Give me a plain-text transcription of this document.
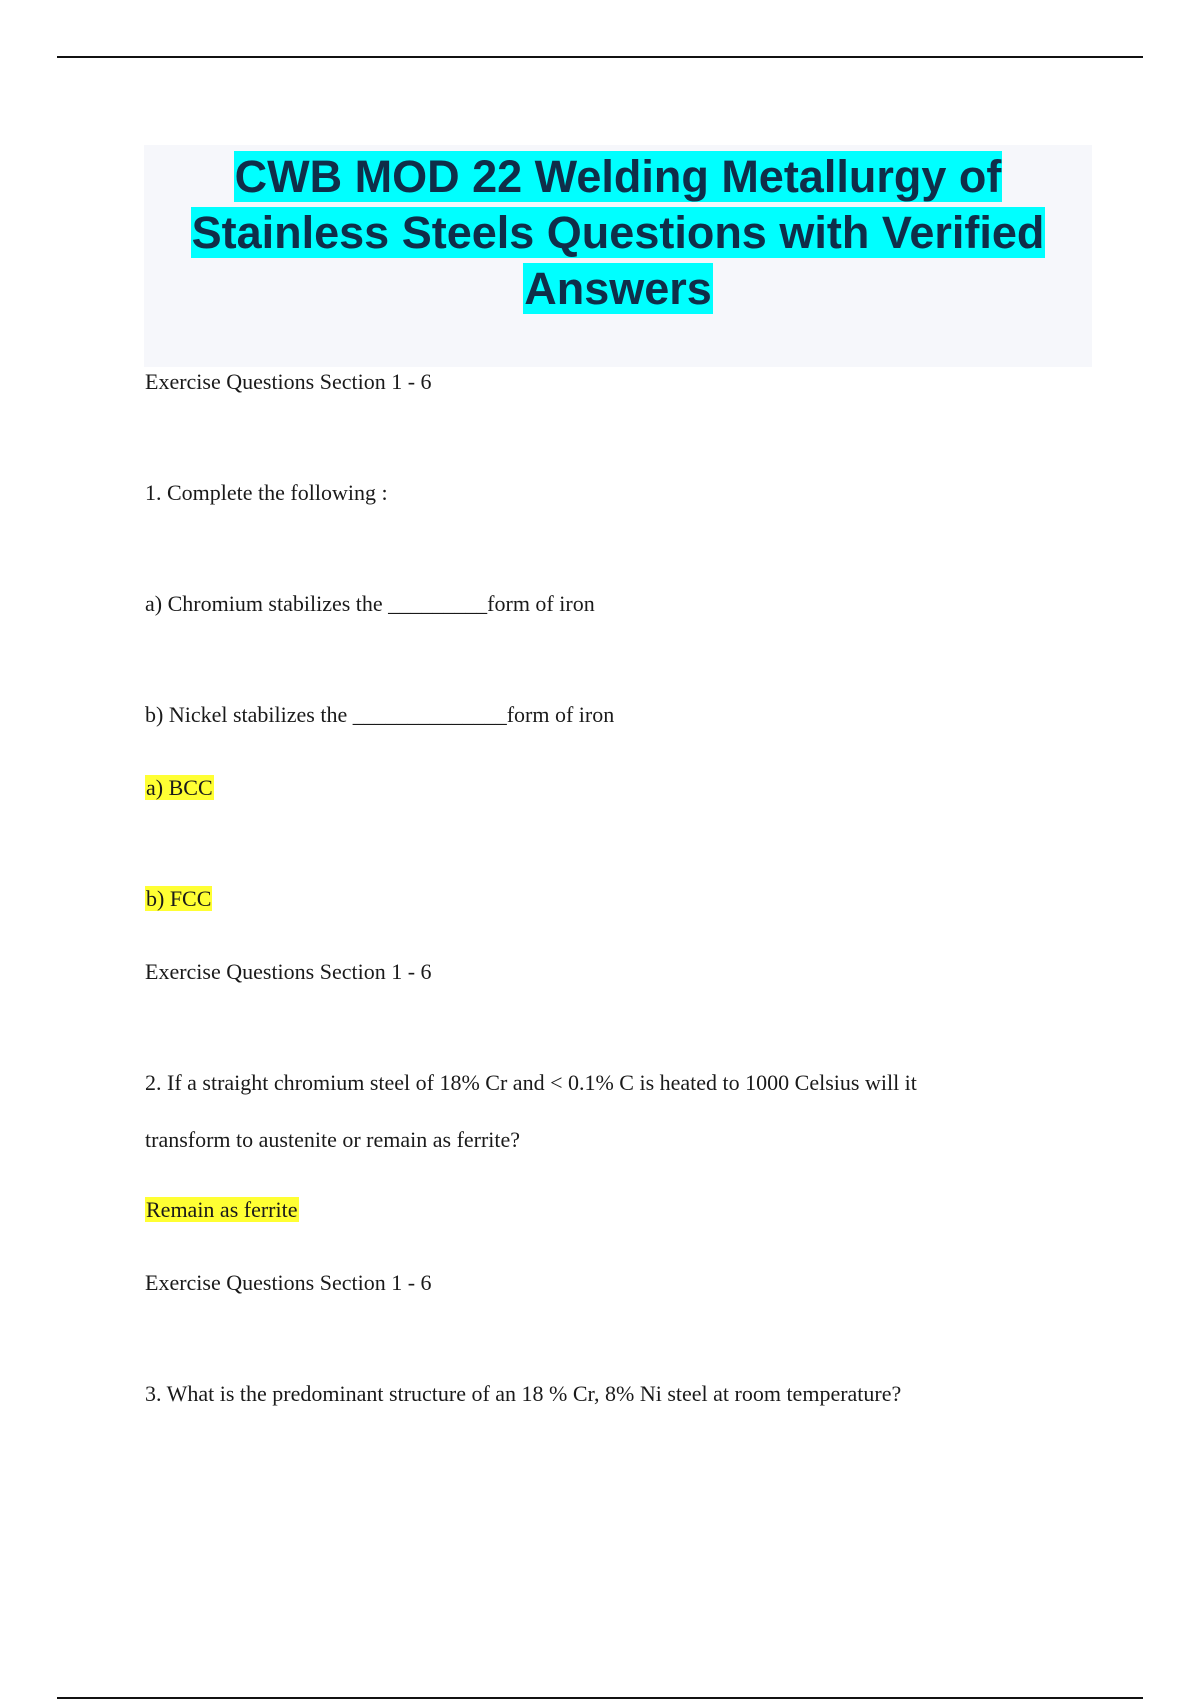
CWB MOD 22 Welding Metallurgy of
Stainless Steels Questions with Verified
Answers
Exercise Questions Section 1 - 6
1. Complete the following :
a) Chromium stabilizes the _________form of iron
b) Nickel stabilizes the ______________form of iron
a) BCC
b) FCC
Exercise Questions Section 1 - 6
2. If a straight chromium steel of 18% Cr and < 0.1% C is heated to 1000 Celsius will it
transform to austenite or remain as ferrite?
Remain as ferrite
Exercise Questions Section 1 - 6
3. What is the predominant structure of an 18 % Cr, 8% Ni steel at room temperature?
